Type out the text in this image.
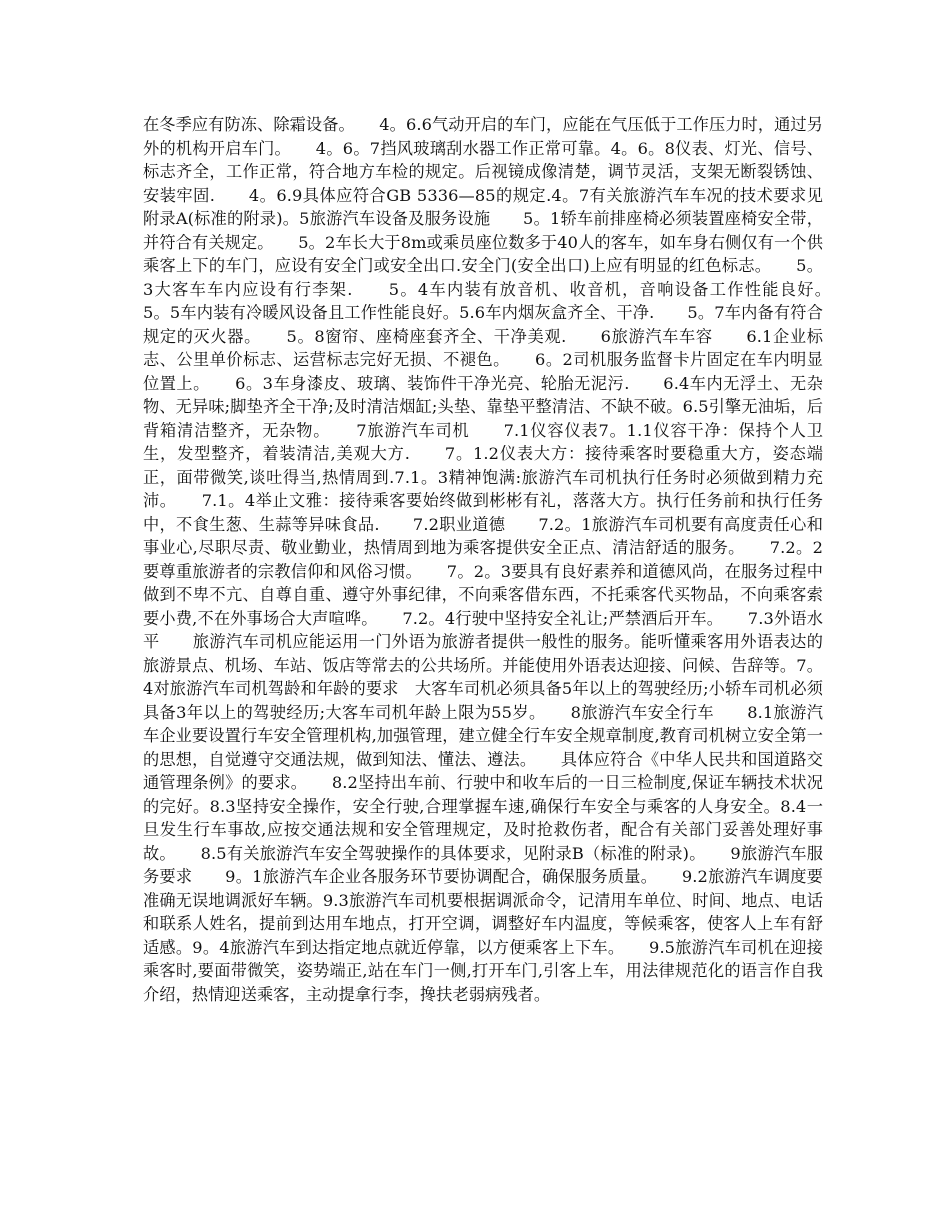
在冬季应有防冻、除霜设备。　　4。6.6气动开启的车门，应能在气压低于工作压力时，通过另外的机构开启车门。　　4。6。7挡风玻璃刮水器工作正常可靠。4。6。8仪表、灯光、信号、标志齐全，工作正常，符合地方车检的规定。后视镜成像清楚，调节灵活，支架无断裂锈蚀、安装牢固.　　4。6.9具体应符合GB 5336—85的规定.4。7有关旅游汽车车况的技术要求见附录A(标准的附录)。5旅游汽车设备及服务设施　　5。1轿车前排座椅必须装置座椅安全带，并符合有关规定。　　5。2车长大于8m或乘员座位数多于40人的客车，如车身右侧仅有一个供乘客上下的车门，应设有安全门或安全出口.安全门(安全出口)上应有明显的红色标志。　　5。3大客车车内应设有行李架.　　5。4车内装有放音机、收音机，音响设备工作性能良好。　　5。5车内装有冷暖风设备且工作性能良好。5.6车内烟灰盒齐全、干净.　　5。7车内备有符合规定的灭火器。　　5。8窗帘、座椅座套齐全、干净美观.　　6旅游汽车车容　　6.1企业标志、公里单价标志、运营标志完好无损、不褪色。　　6。2司机服务监督卡片固定在车内明显位置上。　　6。3车身漆皮、玻璃、装饰件干净光亮、轮胎无泥污.　　6.4车内无浮土、无杂物、无异味;脚垫齐全干净;及时清洁烟缸;头垫、靠垫平整清洁、不缺不破。6.5引擎无油垢，后背箱清洁整齐，无杂物。　　7旅游汽车司机　　7.1仪容仪表7。1.1仪容干净：保持个人卫生，发型整齐，着装清洁,美观大方.　　7。1.2仪表大方：接待乘客时要稳重大方，姿态端正，面带微笑,谈吐得当,热情周到.7.1。3精神饱满:旅游汽车司机执行任务时必须做到精力充沛。　　7.1。4举止文雅：接待乘客要始终做到彬彬有礼，落落大方。执行任务前和执行任务中，不食生葱、生蒜等异味食品.　　7.2职业道德　　7.2。1旅游汽车司机要有高度责任心和事业心,尽职尽责、敬业勤业，热情周到地为乘客提供安全正点、清洁舒适的服务。　　7.2。2要尊重旅游者的宗教信仰和风俗习惯。　　7。2。3要具有良好素养和道德风尚，在服务过程中做到不卑不亢、自尊自重、遵守外事纪律，不向乘客借东西，不托乘客代买物品，不向乘客索要小费,不在外事场合大声喧哗。　　7.2。4行驶中坚持安全礼让;严禁酒后开车。　　7.3外语水平　　旅游汽车司机应能运用一门外语为旅游者提供一般性的服务。能听懂乘客用外语表达的旅游景点、机场、车站、饭店等常去的公共场所。并能使用外语表达迎接、问候、告辞等。7。4对旅游汽车司机驾龄和年龄的要求　大客车司机必须具备5年以上的驾驶经历;小轿车司机必须具备3年以上的驾驶经历;大客车司机年龄上限为55岁。　　8旅游汽车安全行车　　8.1旅游汽车企业要设置行车安全管理机构,加强管理，建立健全行车安全规章制度,教育司机树立安全第一的思想，自觉遵守交通法规，做到知法、懂法、遵法。　　具体应符合《中华人民共和国道路交通管理条例》的要求。　　8.2坚持出车前、行驶中和收车后的一日三检制度,保证车辆技术状况的完好。8.3坚持安全操作，安全行驶,合理掌握车速,确保行车安全与乘客的人身安全。8.4一旦发生行车事故,应按交通法规和安全管理规定，及时抢救伤者，配合有关部门妥善处理好事故。　　8.5有关旅游汽车安全驾驶操作的具体要求，见附录B（标准的附录)。　　9旅游汽车服务要求　　9。1旅游汽车企业各服务环节要协调配合，确保服务质量。　　9.2旅游汽车调度要准确无误地调派好车辆。9.3旅游汽车司机要根据调派命令，记清用车单位、时间、地点、电话和联系人姓名，提前到达用车地点，打开空调，调整好车内温度，等候乘客，使客人上车有舒适感。9。4旅游汽车到达指定地点就近停靠，以方便乘客上下车。　　9.5旅游汽车司机在迎接乘客时,要面带微笑，姿势端正,站在车门一侧,打开车门,引客上车，用法律规范化的语言作自我介绍，热情迎送乘客，主动提拿行李，搀扶老弱病残者。
